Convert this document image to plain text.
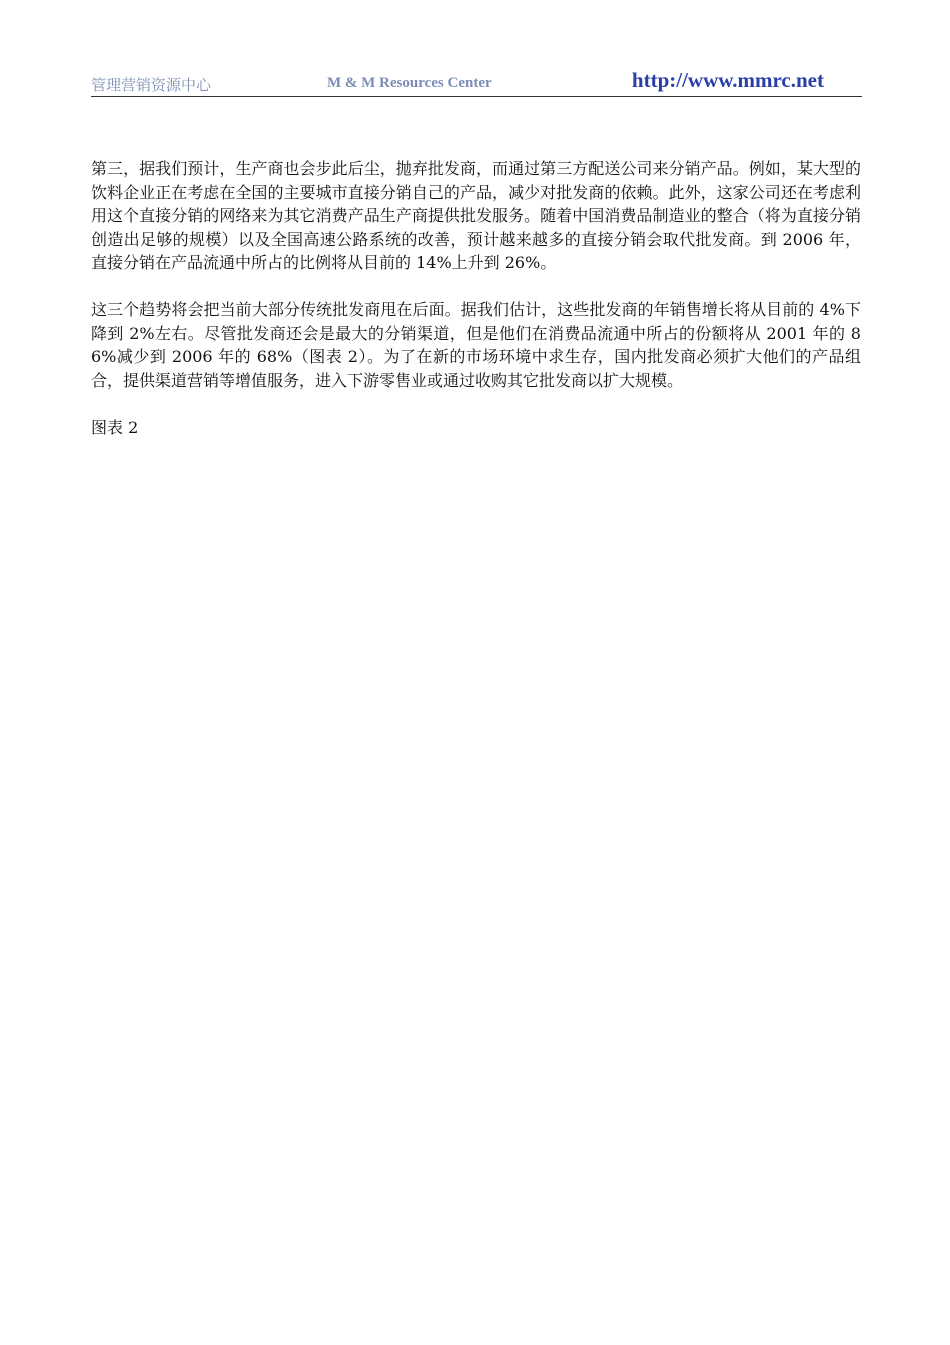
管理营销资源中心	M & M Resources Center	http://www.mmrc.net

第三，据我们预计，生产商也会步此后尘，抛弃批发商，而通过第三方配送公司来分销产品。例如，某大型的饮料企业正在考虑在全国的主要城市直接分销自己的产品，减少对批发商的依赖。此外，这家公司还在考虑利用这个直接分销的网络来为其它消费产品生产商提供批发服务。随着中国消费品制造业的整合（将为直接分销创造出足够的规模）以及全国高速公路系统的改善，预计越来越多的直接分销会取代批发商。到 2006 年，直接分销在产品流通中所占的比例将从目前的 14%上升到 26%。

这三个趋势将会把当前大部分传统批发商甩在后面。据我们估计，这些批发商的年销售增长将从目前的 4%下降到 2%左右。尽管批发商还会是最大的分销渠道，但是他们在消费品流通中所占的份额将从 2001 年的 86%减少到 2006 年的 68%（图表 2）。为了在新的市场环境中求生存，国内批发商必须扩大他们的产品组合，提供渠道营销等增值服务，进入下游零售业或通过收购其它批发商以扩大规模。

图表 2
